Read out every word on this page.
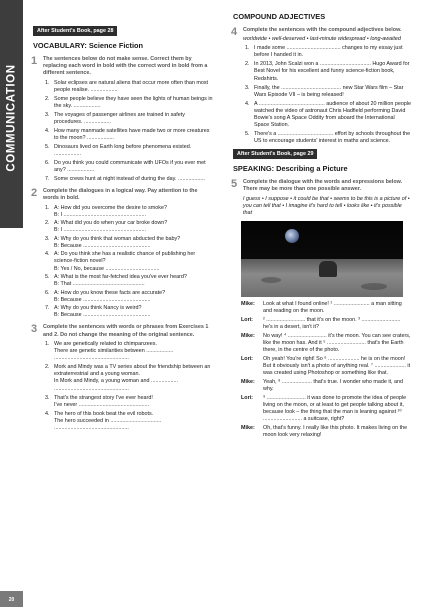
COMMUNICATION
20
After Student's Book, page 28
VOCABULARY: Science Fiction
1 The sentences below do not make sense. Correct them by replacing each word in bold with the correct word in bold from a different sentence.
1. Solar eclipses are natural aliens that occur more often than most people realise. ..................
2. Some people believe they have seen the lights of human beings in the sky. ..................
3. The voyages of passenger airlines are trained in safety procedures. ..................
4. How many manmade satellites have made two or more creatures to the moon? ..................
5. Dinosaurs lived on Earth long before phenomena existed. ..................
6. Do you think you could communicate with UFOs if you ever met any? ..................
7. Some crews hunt at night instead of during the day. ..................
2 Complete the dialogues in a logical way. Pay attention to the words in bold.
1. A: How did you overcome the desire to smoke?
B: I .......................................................
2. A: What did you do when your car broke down?
B: I .......................................................
3. A: Why do you think that woman abducted the baby?
B: Because .............................................
4. A: Do you think she has a realistic chance of publishing her science-fiction novel?
B: Yes / No, because ....................................
5. A: What is the most far-fetched idea you've ever heard?
B: That ................................................
6. A: How do you know these facts are accurate?
B: Because .............................................
7. A: Why do you think Nancy is weird?
B: Because .............................................
3 Complete the sentences with words or phrases from Exercises 1 and 2. Do not change the meaning of the original sentence.
1. We are genetically related to chimpanzees.
There are genetic similarities between ..................
..................................................
2. Mork and Mindy was a TV series about the friendship between an extraterrestrial and a young woman.
In Mork and Mindy, a young woman and ..................
..................................................
3. That's the strangest story I've ever heard!
I've never ...............................................
4. The hero of this book beat the evil robots.
The hero succeeded in ..................................
..................................................
COMPOUND ADJECTIVES
4 Complete the sentences with the compound adjectives below.
worldwide • well-deserved • last-minute widespread • long-awaited
1. I made some .................................... changes to my essay just before I handed it in.
2. In 2013, John Scalzi won a .................................. Hugo Award for Best Novel for his excellent and funny science-fiction book, Redshirts.
3. Finally, the ........................................ new Star Wars film – Star Wars Episode VII – is being released!
4. A ............................................ audience of about 20 million people watched the video of astronaut Chris Hadfield performing David Bowie's song A Space Oddity from aboard the International Space Station.
5. There's a ..................................... effort by schools throughout the US to encourage students' interest in maths and science.
After Student's Book, page 29
SPEAKING: Describing a Picture
5 Complete the dialogue with the words and expressions below. There may be more than one possible answer.
I guess • I suppose • it could be that • seems to be this is a picture of • you can tell that • I imagine it's hard to tell • looks like • it's possible that
Mike:	Look at what I found online! ¹ ........................ a man sitting and reading on the moon.
Lori:	² .......................... that it's on the moon. ³ .......................... he's in a desert, isn't it?
Mike:	No way! ⁴ .......................... it's the moon. You can see craters, like the moon has. And it ⁵ .......................... that's the Earth there, in the centre of the photo.
Lori:	Oh yeah! You're right! So ⁶ ..................... he is on the moon! But it obviously isn't a photo of anything real. ⁷ ..................... it was created using Photoshop or something like that.
Mike:	Yeah, ⁸ .................... that's true. I wonder who made it, and why.
Lori:	⁹ .......................... it was done to promote the idea of people living on the moon, or at least to get people talking about it, because look – the thing that the man is leaning against ¹⁰ .......................... a suitcase, right?
Mike:	Oh, that's funny. I really like this photo. It makes living on the moon look very relaxing!
